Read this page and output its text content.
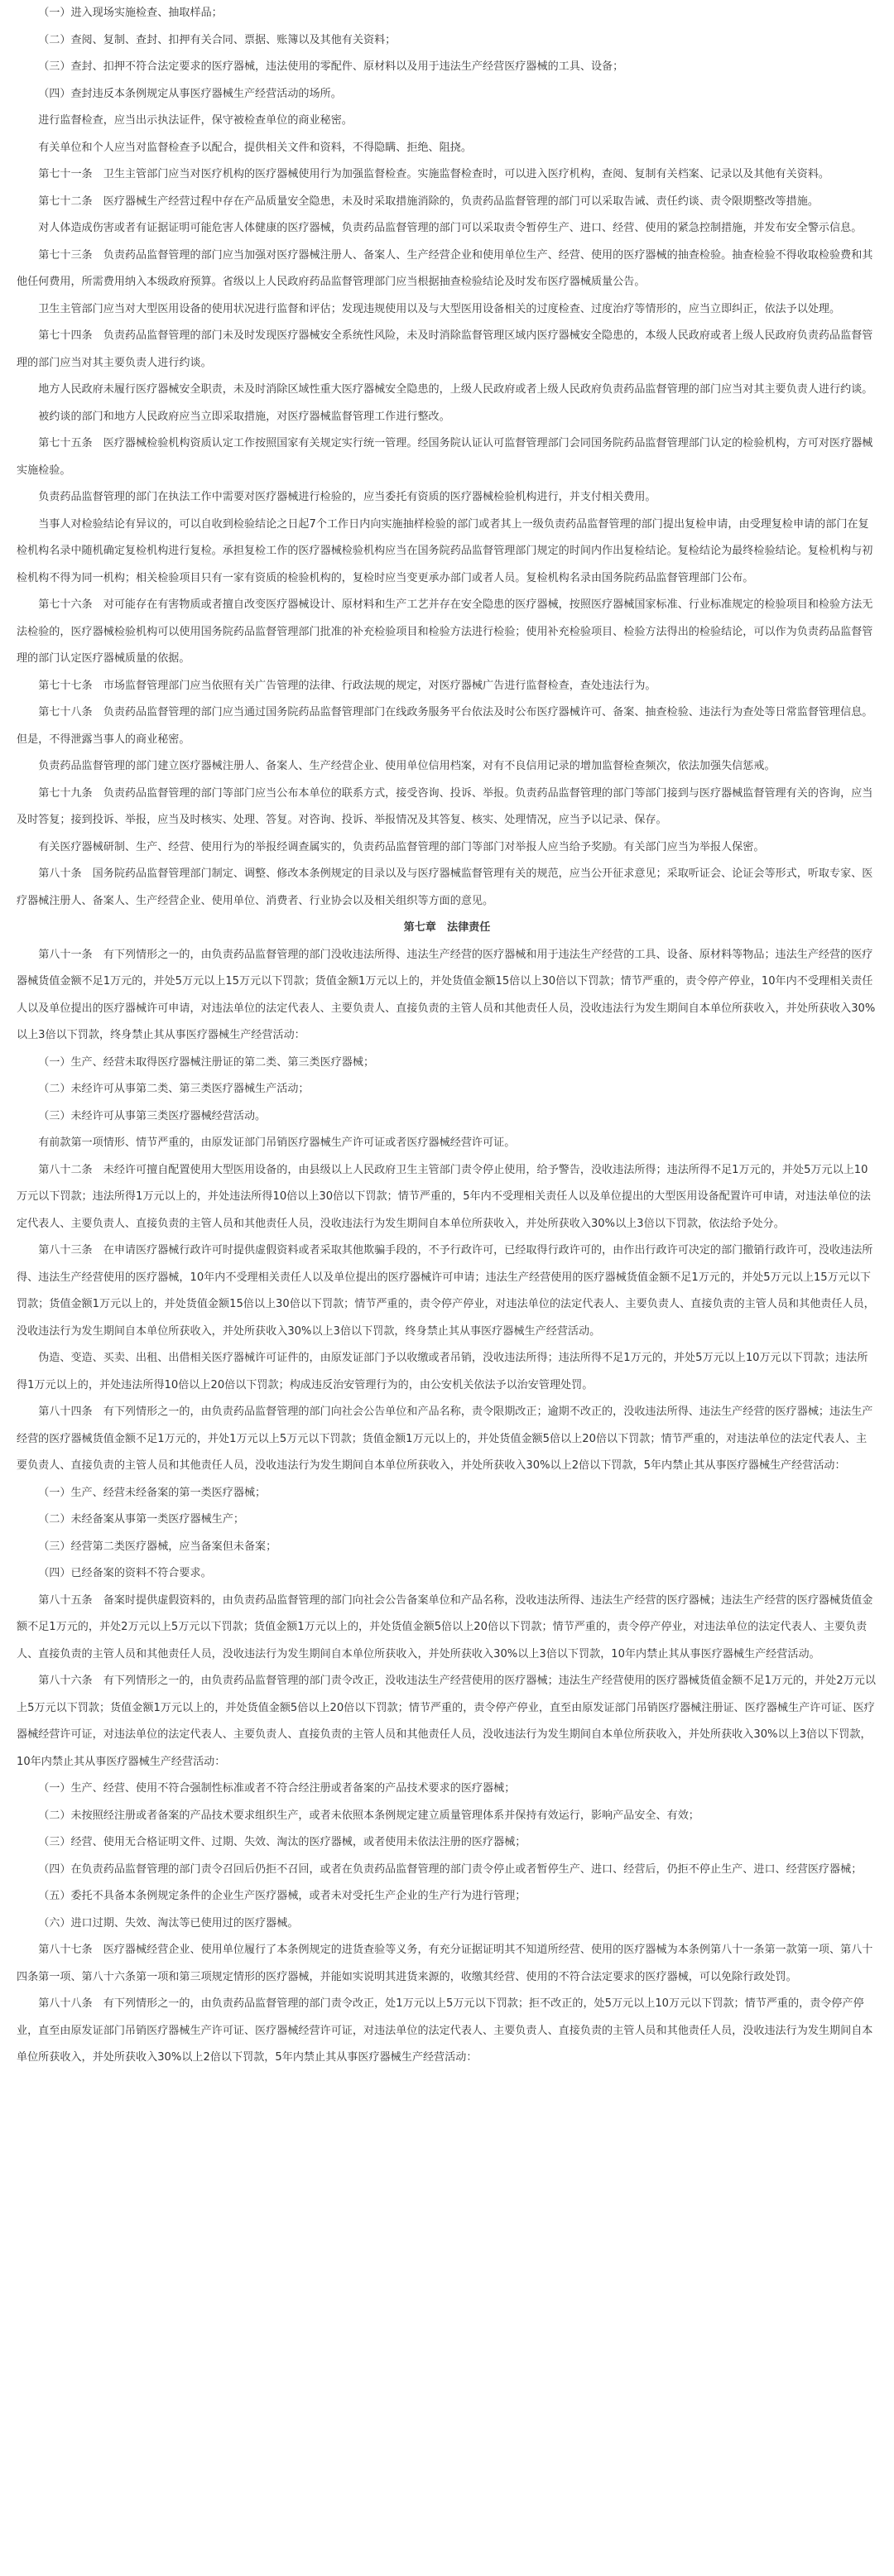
（一）进入现场实施检查、抽取样品；

（二）查阅、复制、查封、扣押有关合同、票据、账簿以及其他有关资料；

（三）查封、扣押不符合法定要求的医疗器械，违法使用的零配件、原材料以及用于违法生产经营医疗器械的工具、设备；

（四）查封违反本条例规定从事医疗器械生产经营活动的场所。

进行监督检查，应当出示执法证件，保守被检查单位的商业秘密。

有关单位和个人应当对监督检查予以配合，提供相关文件和资料，不得隐瞒、拒绝、阻挠。

第七十一条　卫生主管部门应当对医疗机构的医疗器械使用行为加强监督检查。实施监督检查时，可以进入医疗机构，查阅、复制有关档案、记录以及其他有关资料。

第七十二条　医疗器械生产经营过程中存在产品质量安全隐患，未及时采取措施消除的，负责药品监督管理的部门可以采取告诫、责任约谈、责令限期整改等措施。

对人体造成伤害或者有证据证明可能危害人体健康的医疗器械，负责药品监督管理的部门可以采取责令暂停生产、进口、经营、使用的紧急控制措施，并发布安全警示信息。

第七十三条　负责药品监督管理的部门应当加强对医疗器械注册人、备案人、生产经营企业和使用单位生产、经营、使用的医疗器械的抽查检验。抽查检验不得收取检验费和其他任何费用，所需费用纳入本级政府预算。省级以上人民政府药品监督管理部门应当根据抽查检验结论及时发布医疗器械质量公告。

卫生主管部门应当对大型医用设备的使用状况进行监督和评估；发现违规使用以及与大型医用设备相关的过度检查、过度治疗等情形的，应当立即纠正，依法予以处理。

第七十四条　负责药品监督管理的部门未及时发现医疗器械安全系统性风险，未及时消除监督管理区域内医疗器械安全隐患的，本级人民政府或者上级人民政府负责药品监督管理的部门应当对其主要负责人进行约谈。

地方人民政府未履行医疗器械安全职责，未及时消除区域性重大医疗器械安全隐患的，上级人民政府或者上级人民政府负责药品监督管理的部门应当对其主要负责人进行约谈。

被约谈的部门和地方人民政府应当立即采取措施，对医疗器械监督管理工作进行整改。

第七十五条　医疗器械检验机构资质认定工作按照国家有关规定实行统一管理。经国务院认证认可监督管理部门会同国务院药品监督管理部门认定的检验机构，方可对医疗器械实施检验。

负责药品监督管理的部门在执法工作中需要对医疗器械进行检验的，应当委托有资质的医疗器械检验机构进行，并支付相关费用。

当事人对检验结论有异议的，可以自收到检验结论之日起7个工作日内向实施抽样检验的部门或者其上一级负责药品监督管理的部门提出复检申请，由受理复检申请的部门在复检机构名录中随机确定复检机构进行复检。承担复检工作的医疗器械检验机构应当在国务院药品监督管理部门规定的时间内作出复检结论。复检结论为最终检验结论。复检机构与初检机构不得为同一机构；相关检验项目只有一家有资质的检验机构的，复检时应当变更承办部门或者人员。复检机构名录由国务院药品监督管理部门公布。

第七十六条　对可能存在有害物质或者擅自改变医疗器械设计、原材料和生产工艺并存在安全隐患的医疗器械，按照医疗器械国家标准、行业标准规定的检验项目和检验方法无法检验的，医疗器械检验机构可以使用国务院药品监督管理部门批准的补充检验项目和检验方法进行检验；使用补充检验项目、检验方法得出的检验结论，可以作为负责药品监督管理的部门认定医疗器械质量的依据。

第七十七条　市场监督管理部门应当依照有关广告管理的法律、行政法规的规定，对医疗器械广告进行监督检查，查处违法行为。

第七十八条　负责药品监督管理的部门应当通过国务院药品监督管理部门在线政务服务平台依法及时公布医疗器械许可、备案、抽查检验、违法行为查处等日常监督管理信息。但是，不得泄露当事人的商业秘密。

负责药品监督管理的部门建立医疗器械注册人、备案人、生产经营企业、使用单位信用档案，对有不良信用记录的增加监督检查频次，依法加强失信惩戒。

第七十九条　负责药品监督管理的部门等部门应当公布本单位的联系方式，接受咨询、投诉、举报。负责药品监督管理的部门等部门接到与医疗器械监督管理有关的咨询，应当及时答复；接到投诉、举报，应当及时核实、处理、答复。对咨询、投诉、举报情况及其答复、核实、处理情况，应当予以记录、保存。

有关医疗器械研制、生产、经营、使用行为的举报经调查属实的，负责药品监督管理的部门等部门对举报人应当给予奖励。有关部门应当为举报人保密。

第八十条　国务院药品监督管理部门制定、调整、修改本条例规定的目录以及与医疗器械监督管理有关的规范，应当公开征求意见；采取听证会、论证会等形式，听取专家、医疗器械注册人、备案人、生产经营企业、使用单位、消费者、行业协会以及相关组织等方面的意见。

第七章　法律责任

第八十一条　有下列情形之一的，由负责药品监督管理的部门没收违法所得、违法生产经营的医疗器械和用于违法生产经营的工具、设备、原材料等物品；违法生产经营的医疗器械货值金额不足1万元的，并处5万元以上15万元以下罚款；货值金额1万元以上的，并处货值金额15倍以上30倍以下罚款；情节严重的，责令停产停业，10年内不受理相关责任人以及单位提出的医疗器械许可申请，对违法单位的法定代表人、主要负责人、直接负责的主管人员和其他责任人员，没收违法行为发生期间自本单位所获收入，并处所获收入30%以上3倍以下罚款，终身禁止其从事医疗器械生产经营活动：

（一）生产、经营未取得医疗器械注册证的第二类、第三类医疗器械；

（二）未经许可从事第二类、第三类医疗器械生产活动；

（三）未经许可从事第三类医疗器械经营活动。

有前款第一项情形、情节严重的，由原发证部门吊销医疗器械生产许可证或者医疗器械经营许可证。

第八十二条　未经许可擅自配置使用大型医用设备的，由县级以上人民政府卫生主管部门责令停止使用，给予警告，没收违法所得；违法所得不足1万元的，并处5万元以上10万元以下罚款；违法所得1万元以上的，并处违法所得10倍以上30倍以下罚款；情节严重的，5年内不受理相关责任人以及单位提出的大型医用设备配置许可申请，对违法单位的法定代表人、主要负责人、直接负责的主管人员和其他责任人员，没收违法行为发生期间自本单位所获收入，并处所获收入30%以上3倍以下罚款，依法给予处分。

第八十三条　在申请医疗器械行政许可时提供虚假资料或者采取其他欺骗手段的，不予行政许可，已经取得行政许可的，由作出行政许可决定的部门撤销行政许可，没收违法所得、违法生产经营使用的医疗器械，10年内不受理相关责任人以及单位提出的医疗器械许可申请；违法生产经营使用的医疗器械货值金额不足1万元的，并处5万元以上15万元以下罚款；货值金额1万元以上的，并处货值金额15倍以上30倍以下罚款；情节严重的，责令停产停业，对违法单位的法定代表人、主要负责人、直接负责的主管人员和其他责任人员，没收违法行为发生期间自本单位所获收入，并处所获收入30%以上3倍以下罚款，终身禁止其从事医疗器械生产经营活动。

伪造、变造、买卖、出租、出借相关医疗器械许可证件的，由原发证部门予以收缴或者吊销，没收违法所得；违法所得不足1万元的，并处5万元以上10万元以下罚款；违法所得1万元以上的，并处违法所得10倍以上20倍以下罚款；构成违反治安管理行为的，由公安机关依法予以治安管理处罚。

第八十四条　有下列情形之一的，由负责药品监督管理的部门向社会公告单位和产品名称，责令限期改正；逾期不改正的，没收违法所得、违法生产经营的医疗器械；违法生产经营的医疗器械货值金额不足1万元的，并处1万元以上5万元以下罚款；货值金额1万元以上的，并处货值金额5倍以上20倍以下罚款；情节严重的，对违法单位的法定代表人、主要负责人、直接负责的主管人员和其他责任人员，没收违法行为发生期间自本单位所获收入，并处所获收入30%以上2倍以下罚款，5年内禁止其从事医疗器械生产经营活动：

（一）生产、经营未经备案的第一类医疗器械；

（二）未经备案从事第一类医疗器械生产；

（三）经营第二类医疗器械，应当备案但未备案；

（四）已经备案的资料不符合要求。

第八十五条　备案时提供虚假资料的，由负责药品监督管理的部门向社会公告备案单位和产品名称，没收违法所得、违法生产经营的医疗器械；违法生产经营的医疗器械货值金额不足1万元的，并处2万元以上5万元以下罚款；货值金额1万元以上的，并处货值金额5倍以上20倍以下罚款；情节严重的，责令停产停业，对违法单位的法定代表人、主要负责人、直接负责的主管人员和其他责任人员，没收违法行为发生期间自本单位所获收入，并处所获收入30%以上3倍以下罚款，10年内禁止其从事医疗器械生产经营活动。

第八十六条　有下列情形之一的，由负责药品监督管理的部门责令改正，没收违法生产经营使用的医疗器械；违法生产经营使用的医疗器械货值金额不足1万元的，并处2万元以上5万元以下罚款；货值金额1万元以上的，并处货值金额5倍以上20倍以下罚款；情节严重的，责令停产停业，直至由原发证部门吊销医疗器械注册证、医疗器械生产许可证、医疗器械经营许可证，对违法单位的法定代表人、主要负责人、直接负责的主管人员和其他责任人员，没收违法行为发生期间自本单位所获收入，并处所获收入30%以上3倍以下罚款，10年内禁止其从事医疗器械生产经营活动：

（一）生产、经营、使用不符合强制性标准或者不符合经注册或者备案的产品技术要求的医疗器械；

（二）未按照经注册或者备案的产品技术要求组织生产，或者未依照本条例规定建立质量管理体系并保持有效运行，影响产品安全、有效；

（三）经营、使用无合格证明文件、过期、失效、淘汰的医疗器械，或者使用未依法注册的医疗器械；

（四）在负责药品监督管理的部门责令召回后仍拒不召回，或者在负责药品监督管理的部门责令停止或者暂停生产、进口、经营后，仍拒不停止生产、进口、经营医疗器械；

（五）委托不具备本条例规定条件的企业生产医疗器械，或者未对受托生产企业的生产行为进行管理；

（六）进口过期、失效、淘汰等已使用过的医疗器械。

第八十七条　医疗器械经营企业、使用单位履行了本条例规定的进货查验等义务，有充分证据证明其不知道所经营、使用的医疗器械为本条例第八十一条第一款第一项、第八十四条第一项、第八十六条第一项和第三项规定情形的医疗器械，并能如实说明其进货来源的，收缴其经营、使用的不符合法定要求的医疗器械，可以免除行政处罚。

第八十八条　有下列情形之一的，由负责药品监督管理的部门责令改正，处1万元以上5万元以下罚款；拒不改正的，处5万元以上10万元以下罚款；情节严重的，责令停产停业，直至由原发证部门吊销医疗器械生产许可证、医疗器械经营许可证，对违法单位的法定代表人、主要负责人、直接负责的主管人员和其他责任人员，没收违法行为发生期间自本单位所获收入，并处所获收入30%以上2倍以下罚款，5年内禁止其从事医疗器械生产经营活动：
